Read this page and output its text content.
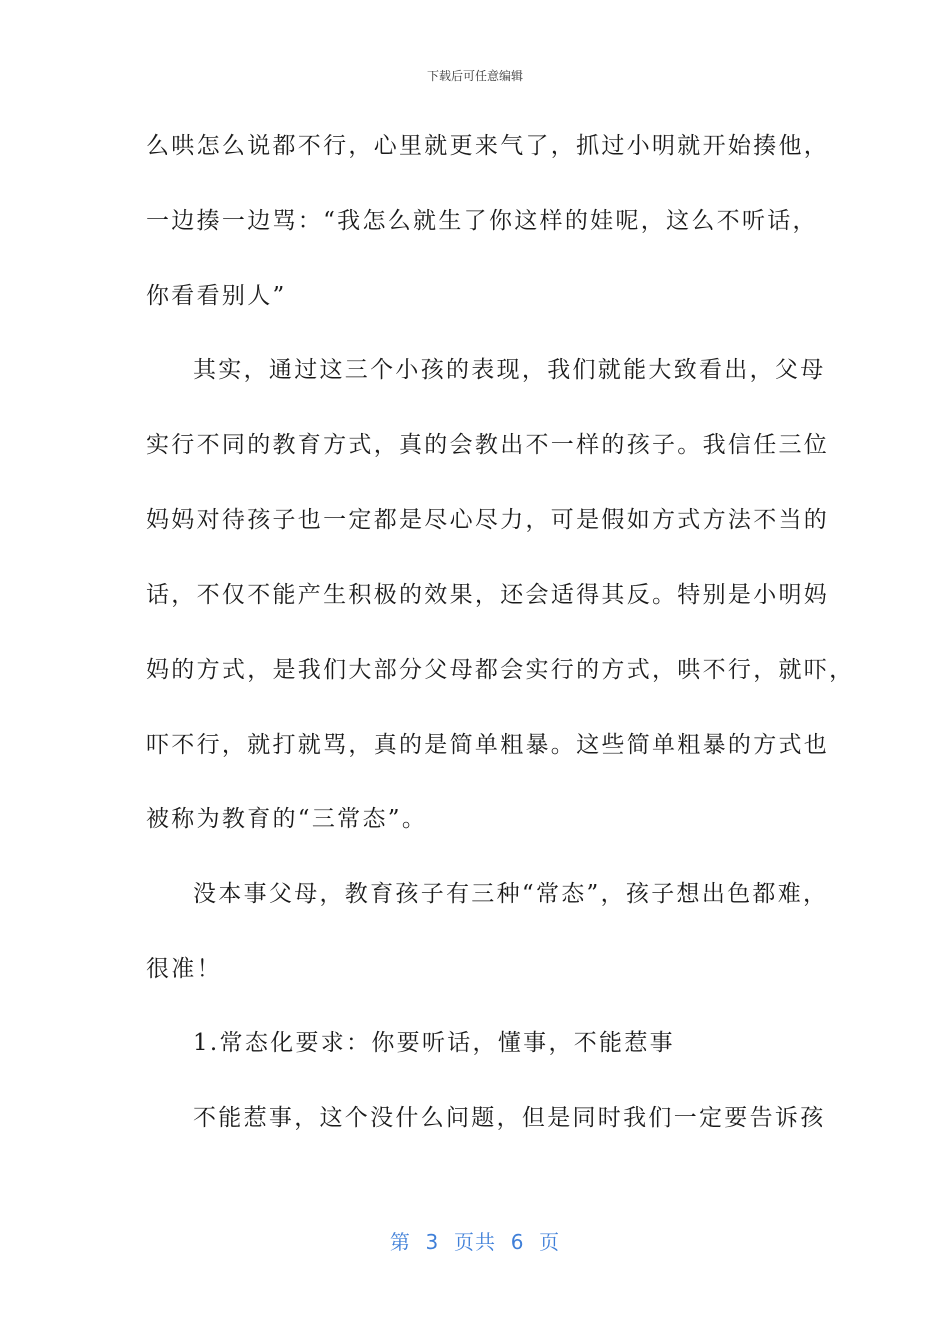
下载后可任意编辑
么哄怎么说都不行，心里就更来气了，抓过小明就开始揍他，
一边揍一边骂：“我怎么就生了你这样的娃呢，这么不听话，
你看看别人”
其实，通过这三个小孩的表现，我们就能大致看出，父母
实行不同的教育方式，真的会教出不一样的孩子。我信任三位
妈妈对待孩子也一定都是尽心尽力，可是假如方式方法不当的
话，不仅不能产生积极的效果，还会适得其反。特别是小明妈
妈的方式，是我们大部分父母都会实行的方式，哄不行，就吓，
吓不行，就打就骂，真的是简单粗暴。这些简单粗暴的方式也
被称为教育的“三常态”。
没本事父母，教育孩子有三种“常态”，孩子想出色都难，
很准！
1.常态化要求：你要听话，懂事，不能惹事
不能惹事，这个没什么问题，但是同时我们一定要告诉孩
第  3  页共  6  页
